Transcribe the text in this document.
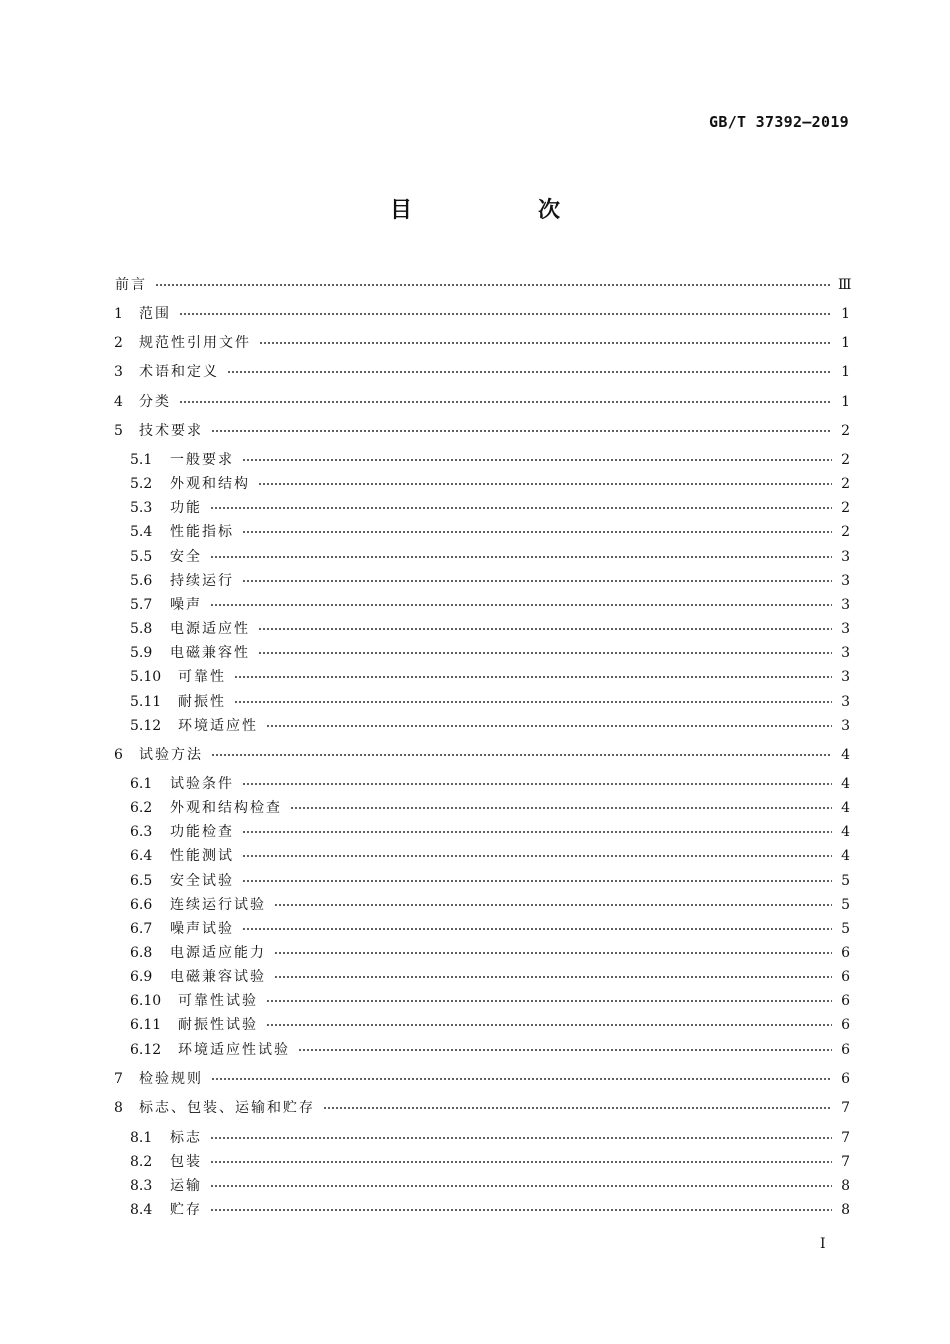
GB/T 37392—2019
目　次
前言	Ⅲ
1 范围	1
2 规范性引用文件	1
3 术语和定义	1
4 分类	1
5 技术要求	2
5.1 一般要求	2
5.2 外观和结构	2
5.3 功能	2
5.4 性能指标	2
5.5 安全	3
5.6 持续运行	3
5.7 噪声	3
5.8 电源适应性	3
5.9 电磁兼容性	3
5.10 可靠性	3
5.11 耐振性	3
5.12 环境适应性	3
6 试验方法	4
6.1 试验条件	4
6.2 外观和结构检查	4
6.3 功能检查	4
6.4 性能测试	4
6.5 安全试验	5
6.6 连续运行试验	5
6.7 噪声试验	5
6.8 电源适应能力	6
6.9 电磁兼容试验	6
6.10 可靠性试验	6
6.11 耐振性试验	6
6.12 环境适应性试验	6
7 检验规则	6
8 标志、包装、运输和贮存	7
8.1 标志	7
8.2 包装	7
8.3 运输	8
8.4 贮存	8
I
